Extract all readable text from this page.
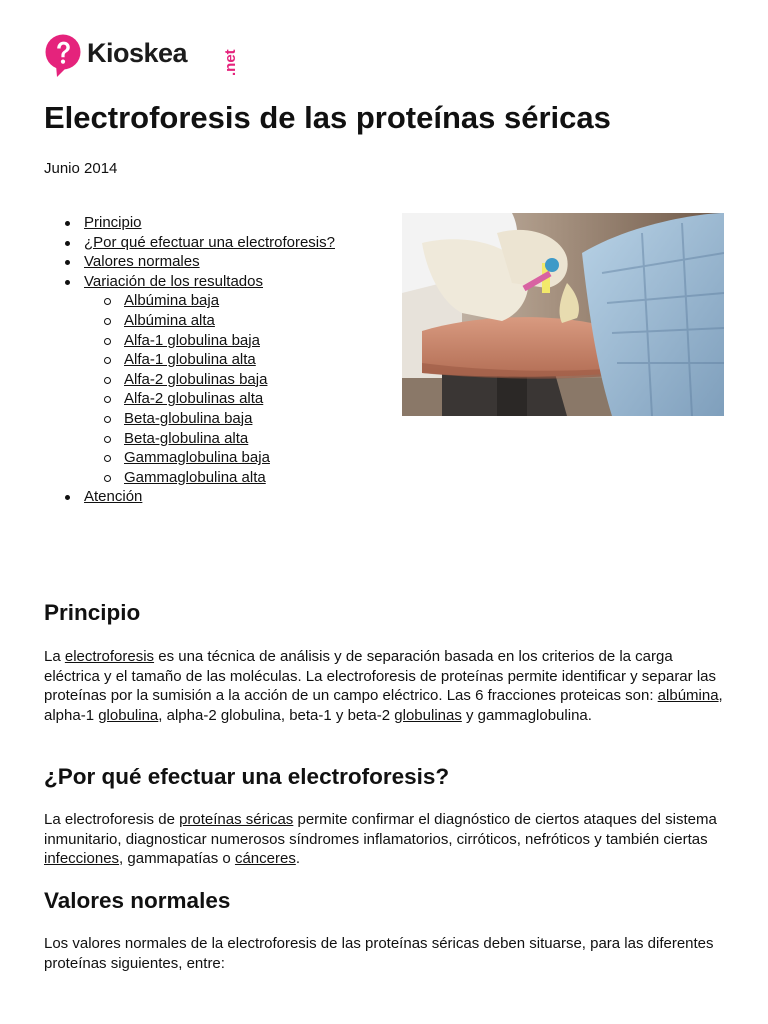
Kioskea .net
Electroforesis de las proteínas séricas
Junio 2014
Principio
¿Por qué efectuar una electroforesis?
Valores normales
Variación de los resultados
Albúmina baja
Albúmina alta
Alfa-1 globulina baja
Alfa-1 globulina alta
Alfa-2 globulinas baja
Alfa-2 globulinas alta
Beta-globulina baja
Beta-globulina alta
Gammaglobulina baja
Gammaglobulina alta
Atención
Principio

La electroforesis es una técnica de análisis y de separación basada en los criterios de la carga eléctrica y el tamaño de las moléculas. La electroforesis de proteínas permite identificar y separar las proteínas por la sumisión a la acción de un campo eléctrico. Las 6 fracciones proteicas son: albúmina, alpha-1 globulina, alpha-2 globulina, beta-1 y beta-2 globulinas y gammaglobulina.

¿Por qué efectuar una electroforesis?

La electroforesis de proteínas séricas permite confirmar el diagnóstico de ciertos ataques del sistema inmunitario, diagnosticar numerosos síndromes inflamatorios, cirróticos, nefróticos y también ciertas infecciones, gammapatías o cánceres.

Valores normales

Los valores normales de la electroforesis de las proteínas séricas deben situarse, para las diferentes proteínas siguientes, entre:
